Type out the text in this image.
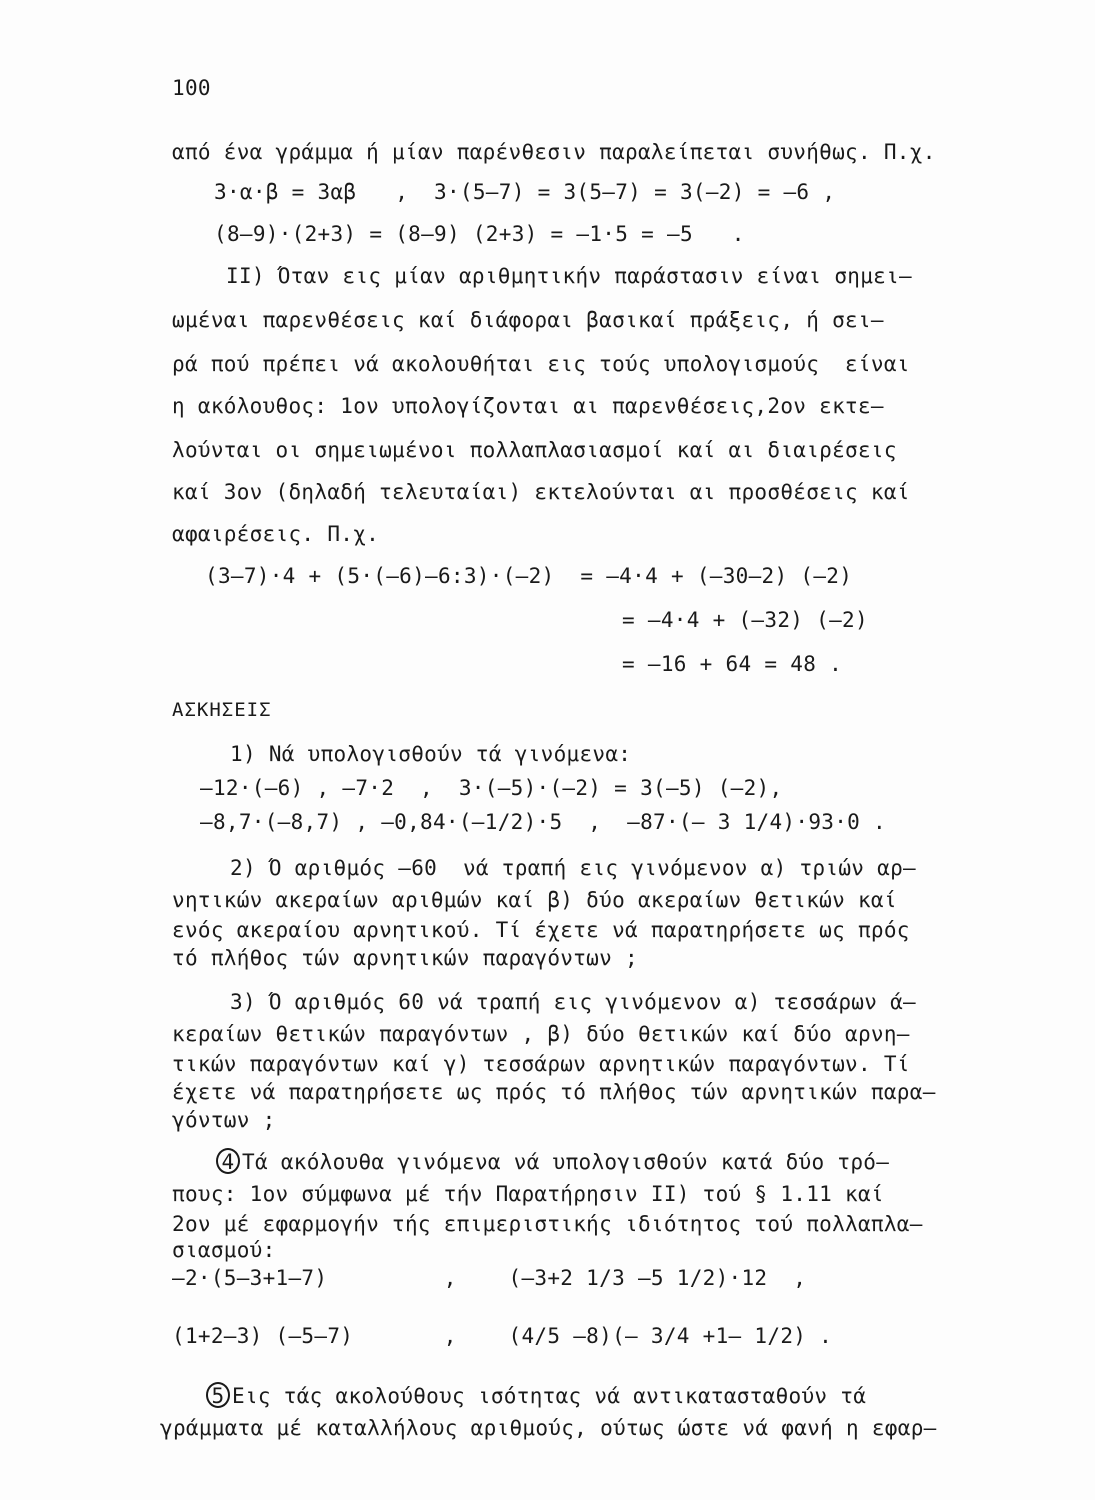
100
από ένα γράμμα ή μίαν παρένθεσιν παραλείπεται συνήθως. Π.χ.
3·α·β = 3αβ   ,  3·(5–7) = 3(5–7) = 3(–2) = –6 ,
(8–9)·(2+3) = (8–9) (2+3) = –1·5 = –5   .
II) Όταν εις μίαν αριθμητικήν παράστασιν είναι σημει–
ωμέναι παρενθέσεις καί διάφοραι βασικαί πράξεις, ή σει–
ρά πού πρέπει νά ακολουθήται εις τούς υπολογισμούς  είναι
η ακόλουθος: 1ον υπολογίζονται αι παρενθέσεις,2ον εκτε–
λούνται οι σημειωμένοι πολλαπλασιασμοί καί αι διαιρέσεις
καί 3ον (δηλαδή τελευταίαι) εκτελούνται αι προσθέσεις καί
αφαιρέσεις. Π.χ.
(3–7)·4 + (5·(–6)–6:3)·(–2)  = –4·4 + (–30–2) (–2)
= –4·4 + (–32) (–2)
= –16 + 64 = 48 .
ΑΣΚΗΣΕΙΣ
1) Νά υπολογισθούν τά γινόμενα:
–12·(–6) , –7·2  ,  3·(–5)·(–2) = 3(–5) (–2),
–8,7·(–8,7) , –0,84·(–1/2)·5  ,  –87·(– 3 1/4)·93·0 .
2) Ό αριθμός –60  νά τραπή εις γινόμενον α) τριών αρ–
νητικών ακεραίων αριθμών καί β) δύο ακεραίων θετικών καί
ενός ακεραίου αρνητικού. Τί έχετε νά παρατηρήσετε ως πρός
τό πλήθος τών αρνητικών παραγόντων ;
3) Ό αριθμός 60 νά τραπή εις γινόμενον α) τεσσάρων ά–
κεραίων θετικών παραγόντων , β) δύο θετικών καί δύο αρνη–
τικών παραγόντων καί γ) τεσσάρων αρνητικών παραγόντων. Τί
έχετε νά παρατηρήσετε ως πρός τό πλήθος τών αρνητικών παρα–
γόντων ;
4 Τά ακόλουθα γινόμενα νά υπολογισθούν κατά δύο τρό–
πους: 1ον σύμφωνα μέ τήν Παρατήρησιν ΙΙ) τού § 1.11 καί
2ον μέ εφαρμογήν τής επιμεριστικής ιδιότητος τού πολλαπλα–
σιασμού:
–2·(5–3+1–7)         ,    (–3+2 1/3 –5 1/2)·12  ,
(1+2–3) (–5–7)       ,    (4/5 –8)(– 3/4 +1– 1/2) .
5 Εις τάς ακολούθους ισότητας νά αντικατασταθούν τά
γράμματα μέ καταλλήλους αριθμούς, ούτως ώστε νά φανή η εφαρ–
